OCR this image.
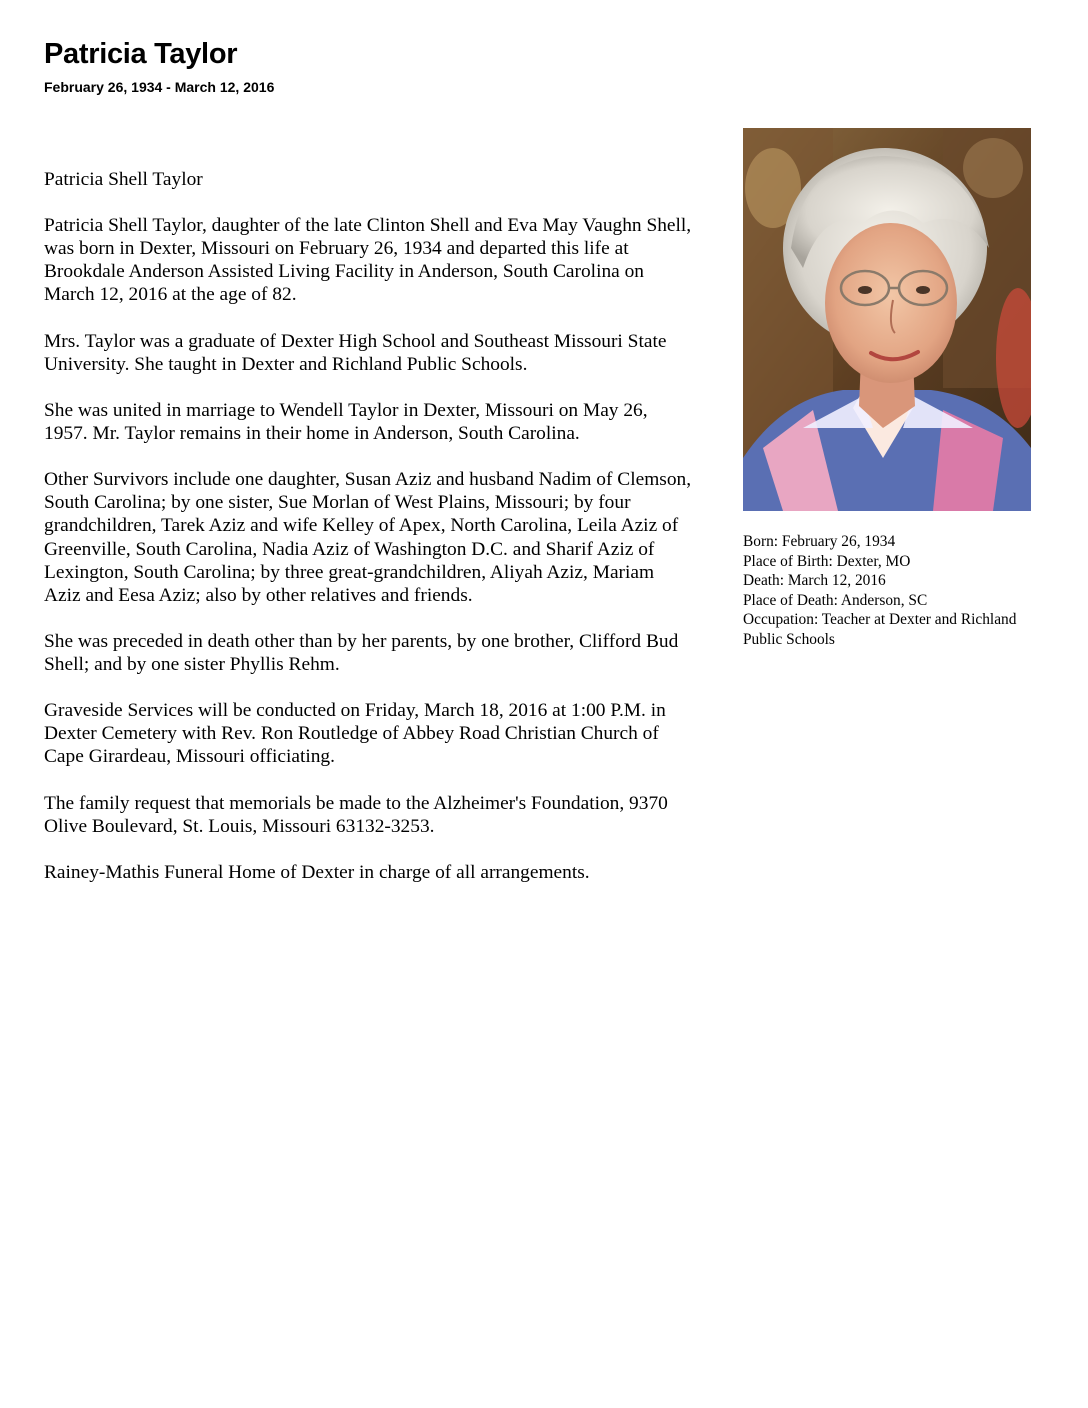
Patricia Taylor
February 26, 1934 - March 12, 2016

Patricia Shell Taylor

Patricia Shell Taylor, daughter of the late Clinton Shell and Eva May Vaughn Shell, was born in Dexter, Missouri on February 26, 1934 and departed this life at Brookdale Anderson Assisted Living Facility in Anderson, South Carolina on March 12, 2016 at the age of 82.

Mrs. Taylor was a graduate of Dexter High School and Southeast Missouri State University. She taught in Dexter and Richland Public Schools.

She was united in marriage to Wendell Taylor in Dexter, Missouri on May 26, 1957. Mr. Taylor remains in their home in Anderson, South Carolina.

Other Survivors include one daughter, Susan Aziz and husband Nadim of Clemson, South Carolina; by one sister, Sue Morlan of West Plains, Missouri; by four grandchildren, Tarek Aziz and wife Kelley of Apex, North Carolina, Leila Aziz of Greenville, South Carolina, Nadia Aziz of Washington D.C. and Sharif Aziz of Lexington, South Carolina; by three great-grandchildren, Aliyah Aziz, Mariam Aziz and Eesa Aziz; also by other relatives and friends.

She was preceded in death other than by her parents, by one brother, Clifford Bud Shell; and by one sister Phyllis Rehm.

Graveside Services will be conducted on Friday, March 18, 2016 at 1:00 P.M. in Dexter Cemetery with Rev. Ron Routledge of Abbey Road Christian Church of Cape Girardeau, Missouri officiating.

The family request that memorials be made to the Alzheimer's Foundation, 9370 Olive Boulevard, St. Louis, Missouri 63132-3253.

Rainey-Mathis Funeral Home of Dexter in charge of all arrangements.

Born: February 26, 1934
Place of Birth: Dexter, MO
Death: March 12, 2016
Place of Death: Anderson, SC
Occupation: Teacher at Dexter and Richland Public Schools
